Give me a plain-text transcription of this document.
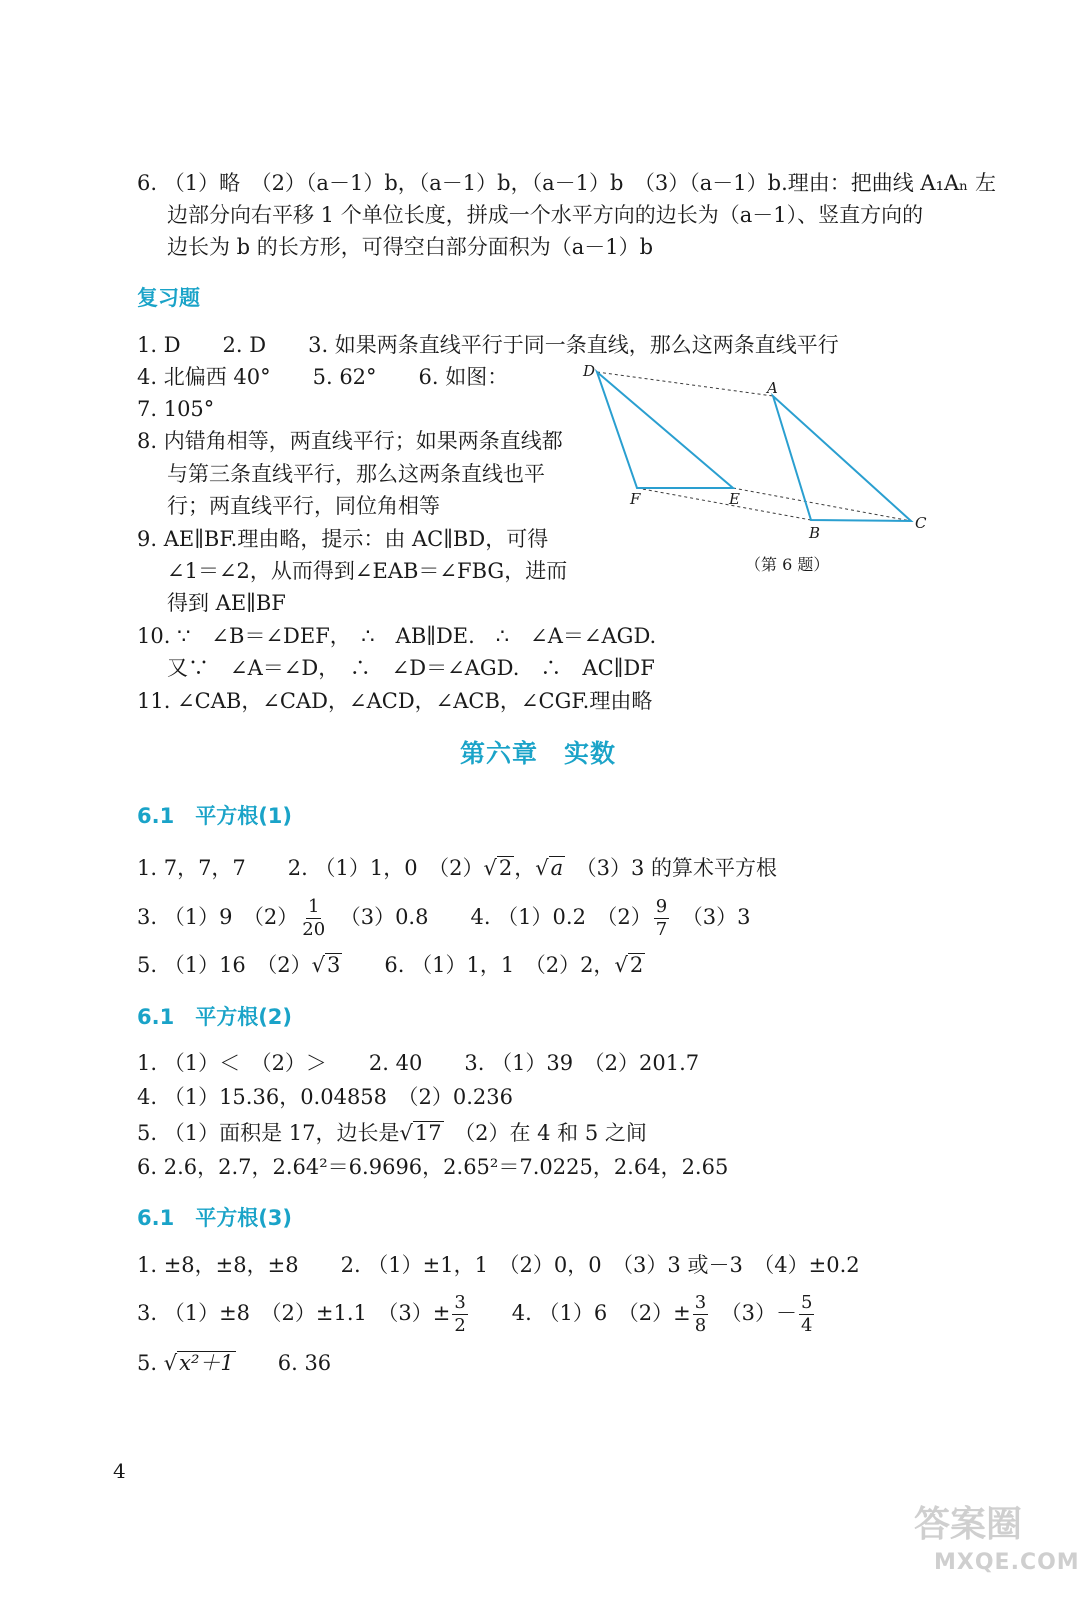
6. （1）略　（2）（a－1）b，（a－1）b，（a－1）b　（3）（a－1）b.理由：把曲线 A₁Aₙ 左
边部分向右平移 1 个单位长度，拼成一个水平方向的边长为（a－1）、竖直方向的
边长为 b 的长方形，可得空白部分面积为（a－1）b
复习题
1. D　　2. D　　3. 如果两条直线平行于同一条直线，那么这两条直线平行
4. 北偏西 40°　　5. 62°　　6. 如图：
7. 105°
8. 内错角相等，两直线平行；如果两条直线都
与第三条直线平行，那么这两条直线也平
行；两直线平行，同位角相等
9. AE∥BF.理由略，提示：由 AC∥BD，可得
∠1＝∠2，从而得到∠EAB＝∠FBG，进而
得到 AE∥BF
10. ∵　∠B＝∠DEF，　∴　AB∥DE.　∴　∠A＝∠AGD.
又∵　∠A＝∠D，　∴　∠D＝∠AGD.　∴　AC∥DF
11. ∠CAB，∠CAD，∠ACD，∠ACB，∠CGF.理由略
D
A
F	E
B
C
（第 6 题）
第六章　实数
6.1　平方根(1)
1. 7，7，7　　2. （1）1，0　（2）√2，√a　（3）3 的算术平方根
3. （1）9　$(2) \frac{1}{20}$ 　（3）0.8　　4. （1）0.2　$(2) \frac{9}{7}$ 　（3）3
5. （1）16　（2）√3　　6. （1）1，1　（2）2，√2
6.1　平方根(2)
1. （1）＜　（2）＞　　2. 40　　3. （1）39　（2）201.7
4. （1）15.36，0.04858　（2）0.236
5. （1）面积是 17，边长是√17　（2）在 4 和 5 之间
6. 2.6，2.7，2.64²＝6.9696，2.65²＝7.0225，2.64，2.65
6.1　平方根(3)
1. ±8，±8，±8　　2. （1）±1，1　（2）0，0　（3）3 或－3　（4）±0.2
3. （1）±8　（2）±1.1　$(3)\pm \frac{3}{2}$ 　　4. （1）6　$(2)\pm \frac{3}{8}$ 　$(3)- \frac{5}{4}$
5. √x²＋1　　6. 36
4
答案圈
MXQE.COM
